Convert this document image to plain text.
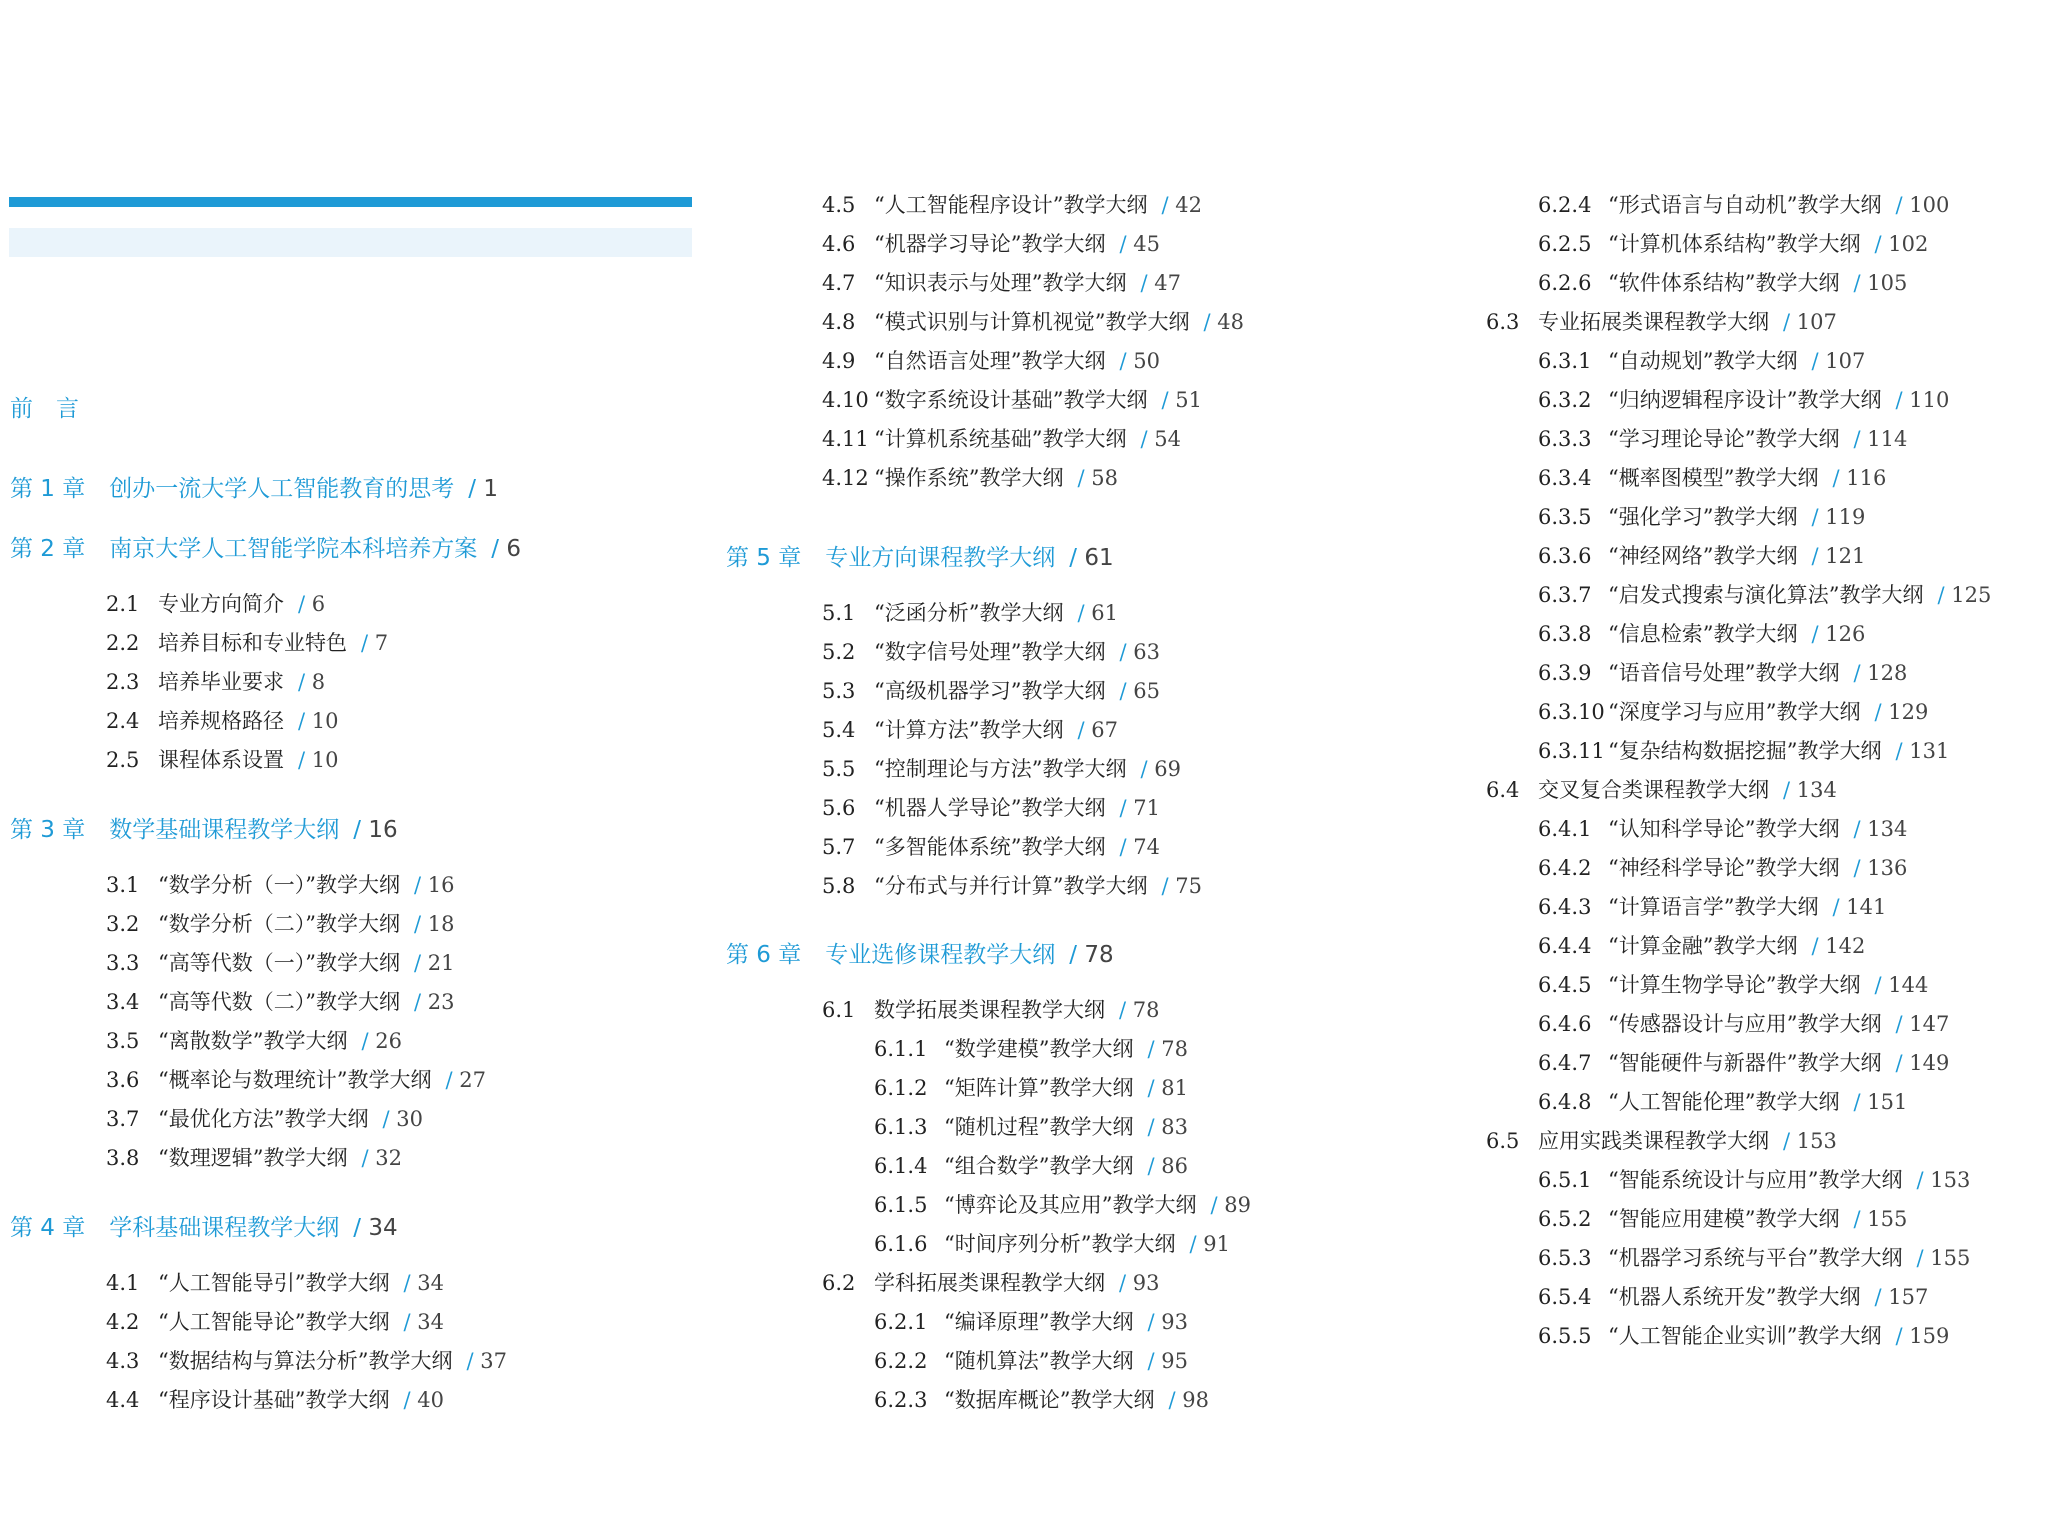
前　言
第 1 章 创办一流大学人工智能教育的思考 / 1
第 2 章 南京大学人工智能学院本科培养方案 / 6
2.1 专业方向简介 / 6
2.2 培养目标和专业特色 / 7
2.3 培养毕业要求 / 8
2.4 培养规格路径 / 10
2.5 课程体系设置 / 10
第 3 章 数学基础课程教学大纲 / 16
3.1 “数学分析（一）”教学大纲 / 16
3.2 “数学分析（二）”教学大纲 / 18
3.3 “高等代数（一）”教学大纲 / 21
3.4 “高等代数（二）”教学大纲 / 23
3.5 “离散数学”教学大纲 / 26
3.6 “概率论与数理统计”教学大纲 / 27
3.7 “最优化方法”教学大纲 / 30
3.8 “数理逻辑”教学大纲 / 32
第 4 章 学科基础课程教学大纲 / 34
4.1 “人工智能导引”教学大纲 / 34
4.2 “人工智能导论”教学大纲 / 34
4.3 “数据结构与算法分析”教学大纲 / 37
4.4 “程序设计基础”教学大纲 / 40
4.5 “人工智能程序设计”教学大纲 / 42
4.6 “机器学习导论”教学大纲 / 45
4.7 “知识表示与处理”教学大纲 / 47
4.8 “模式识别与计算机视觉”教学大纲 / 48
4.9 “自然语言处理”教学大纲 / 50
4.10 “数字系统设计基础”教学大纲 / 51
4.11 “计算机系统基础”教学大纲 / 54
4.12 “操作系统”教学大纲 / 58
第 5 章 专业方向课程教学大纲 / 61
5.1 “泛函分析”教学大纲 / 61
5.2 “数字信号处理”教学大纲 / 63
5.3 “高级机器学习”教学大纲 / 65
5.4 “计算方法”教学大纲 / 67
5.5 “控制理论与方法”教学大纲 / 69
5.6 “机器人学导论”教学大纲 / 71
5.7 “多智能体系统”教学大纲 / 74
5.8 “分布式与并行计算”教学大纲 / 75
第 6 章 专业选修课程教学大纲 / 78
6.1 数学拓展类课程教学大纲 / 78
6.1.1 “数学建模”教学大纲 / 78
6.1.2 “矩阵计算”教学大纲 / 81
6.1.3 “随机过程”教学大纲 / 83
6.1.4 “组合数学”教学大纲 / 86
6.1.5 “博弈论及其应用”教学大纲 / 89
6.1.6 “时间序列分析”教学大纲 / 91
6.2 学科拓展类课程教学大纲 / 93
6.2.1 “编译原理”教学大纲 / 93
6.2.2 “随机算法”教学大纲 / 95
6.2.3 “数据库概论”教学大纲 / 98
6.2.4 “形式语言与自动机”教学大纲 / 100
6.2.5 “计算机体系结构”教学大纲 / 102
6.2.6 “软件体系结构”教学大纲 / 105
6.3 专业拓展类课程教学大纲 / 107
6.3.1 “自动规划”教学大纲 / 107
6.3.2 “归纳逻辑程序设计”教学大纲 / 110
6.3.3 “学习理论导论”教学大纲 / 114
6.3.4 “概率图模型”教学大纲 / 116
6.3.5 “强化学习”教学大纲 / 119
6.3.6 “神经网络”教学大纲 / 121
6.3.7 “启发式搜索与演化算法”教学大纲 / 125
6.3.8 “信息检索”教学大纲 / 126
6.3.9 “语音信号处理”教学大纲 / 128
6.3.10 “深度学习与应用”教学大纲 / 129
6.3.11 “复杂结构数据挖掘”教学大纲 / 131
6.4 交叉复合类课程教学大纲 / 134
6.4.1 “认知科学导论”教学大纲 / 134
6.4.2 “神经科学导论”教学大纲 / 136
6.4.3 “计算语言学”教学大纲 / 141
6.4.4 “计算金融”教学大纲 / 142
6.4.5 “计算生物学导论”教学大纲 / 144
6.4.6 “传感器设计与应用”教学大纲 / 147
6.4.7 “智能硬件与新器件”教学大纲 / 149
6.4.8 “人工智能伦理”教学大纲 / 151
6.5 应用实践类课程教学大纲 / 153
6.5.1 “智能系统设计与应用”教学大纲 / 153
6.5.2 “智能应用建模”教学大纲 / 155
6.5.3 “机器学习系统与平台”教学大纲 / 155
6.5.4 “机器人系统开发”教学大纲 / 157
6.5.5 “人工智能企业实训”教学大纲 / 159
